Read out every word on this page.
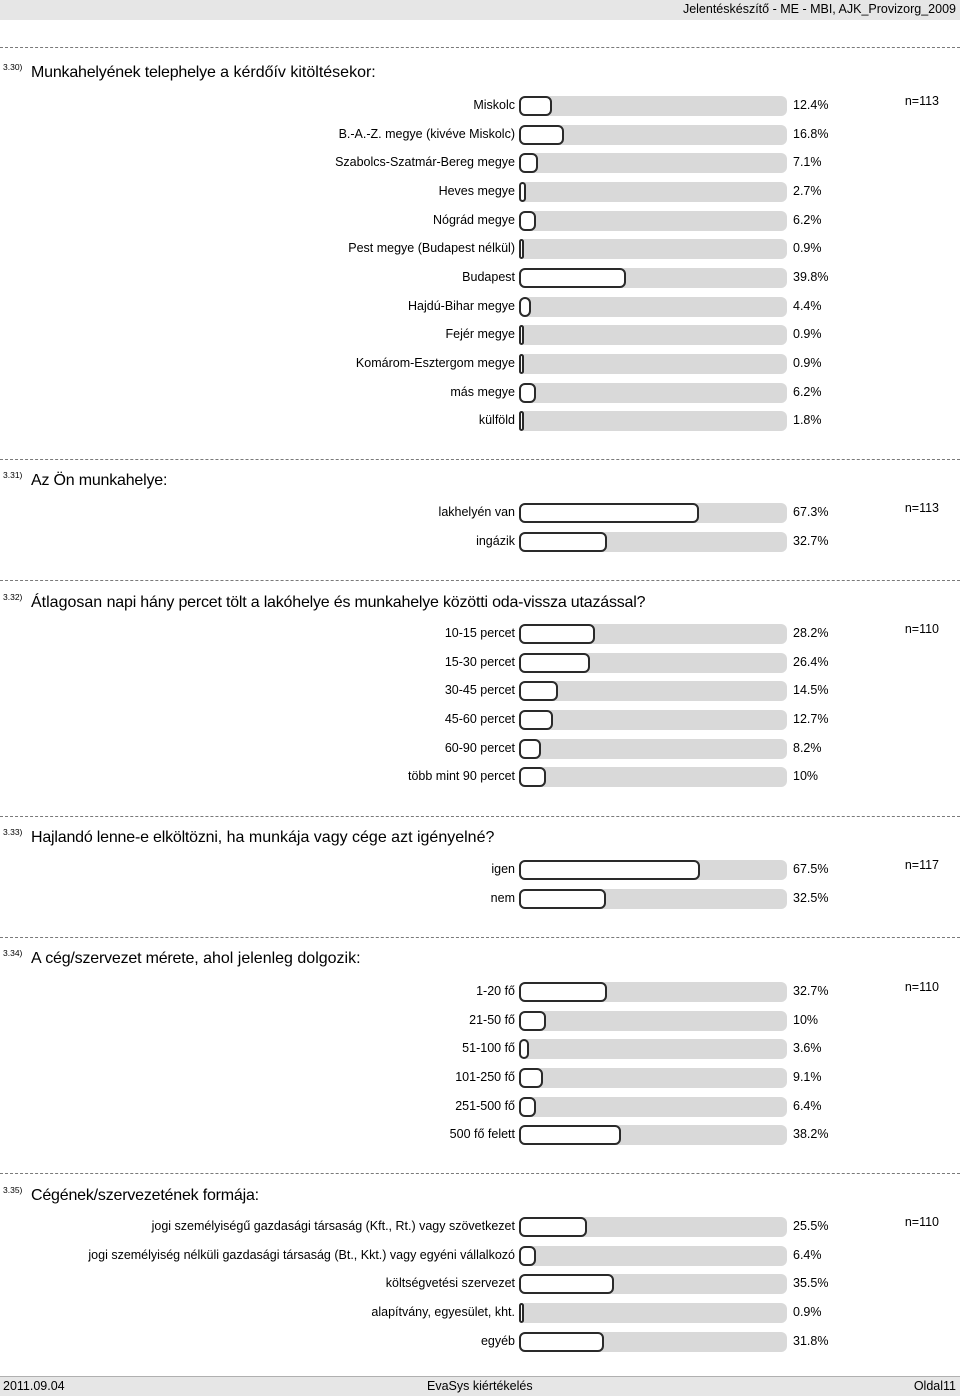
Jelentéskészítő - ME - MBI, AJK_Provizorg_2009
3.30) Munkahelyének telephelye a kérdőív kitöltésekor:
n=113
Miskolc	12.4%
B.-A.-Z. megye (kivéve Miskolc)	16.8%
Szabolcs-Szatmár-Bereg megye	7.1%
Heves megye	2.7%
Nógrád megye	6.2%
Pest megye (Budapest nélkül)	0.9%
Budapest	39.8%
Hajdú-Bihar megye	4.4%
Fejér megye	0.9%
Komárom-Esztergom megye	0.9%
más megye	6.2%
külföld	1.8%
3.31) Az Ön munkahelye:
n=113
lakhelyén van	67.3%
ingázik	32.7%
3.32) Átlagosan napi hány percet tölt a lakóhelye és munkahelye közötti oda-vissza utazással?
n=110
10-15 percet	28.2%
15-30 percet	26.4%
30-45 percet	14.5%
45-60 percet	12.7%
60-90 percet	8.2%
több mint 90 percet	10%
3.33) Hajlandó lenne-e elköltözni, ha munkája vagy cége azt igényelné?
n=117
igen	67.5%
nem	32.5%
3.34) A cég/szervezet mérete, ahol jelenleg dolgozik:
n=110
1-20 fő	32.7%
21-50 fő	10%
51-100 fő	3.6%
101-250 fő	9.1%
251-500 fő	6.4%
500 fő felett	38.2%
3.35) Cégének/szervezetének formája:
n=110
jogi személyiségű gazdasági társaság (Kft., Rt.) vagy szövetkezet	25.5%
jogi személyiség nélküli gazdasági társaság (Bt., Kkt.) vagy egyéni vállalkozó	6.4%
költségvetési szervezet	35.5%
alapítvány, egyesület, kht.	0.9%
egyéb	31.8%
2011.09.04	EvaSys kiértékelés	Oldal11
